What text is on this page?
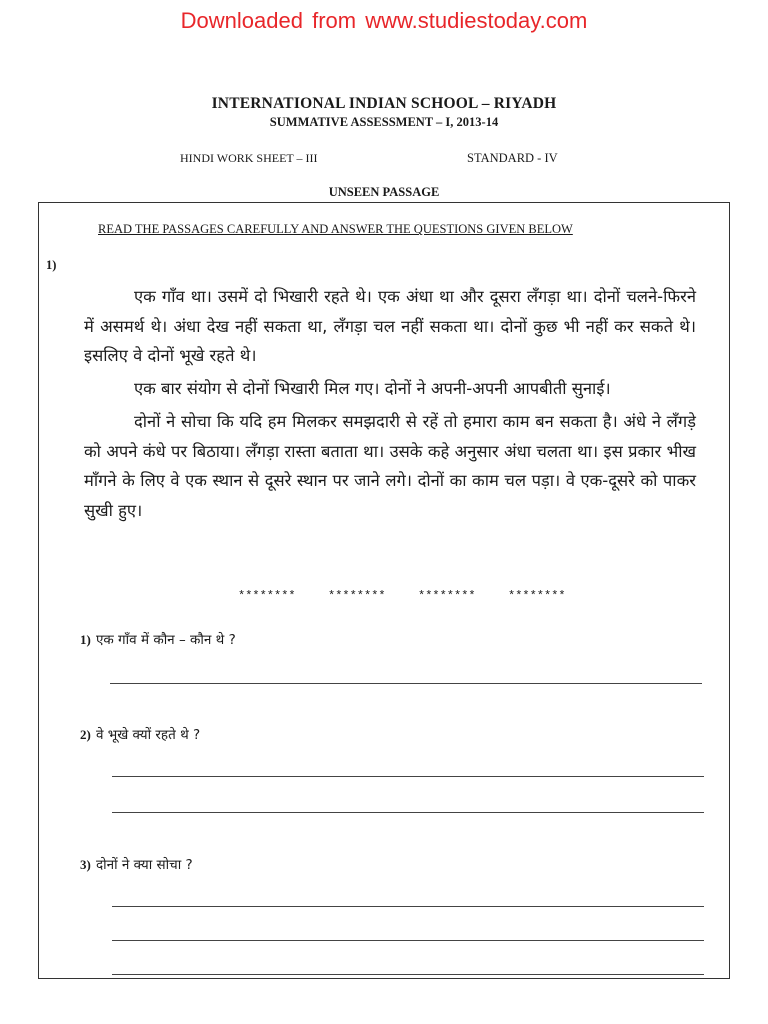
Downloaded from www.studiestoday.com
INTERNATIONAL INDIAN SCHOOL – RIYADH
SUMMATIVE ASSESSMENT – I, 2013-14
HINDI WORK SHEET – III	STANDARD - IV
UNSEEN PASSAGE
READ THE PASSAGES CAREFULLY AND ANSWER THE QUESTIONS GIVEN BELOW
1)

एक गाँव था। उसमें दो भिखारी रहते थे। एक अंधा था और दूसरा लँगड़ा था। दोनों चलने-फिरने में असमर्थ थे। अंधा देख नहीं सकता था, लँगड़ा चल नहीं सकता था। दोनों कुछ भी नहीं कर सकते थे। इसलिए वे दोनों भूखे रहते थे।

एक बार संयोग से दोनों भिखारी मिल गए। दोनों ने अपनी-अपनी आपबीती सुनाई।

दोनों ने सोचा कि यदि हम मिलकर समझदारी से रहें तो हमारा काम बन सकता है। अंधे ने लँगड़े को अपने कंधे पर बिठाया। लँगड़ा रास्ता बताता था। उसके कहे अनुसार अंधा चलता था। इस प्रकार भीख माँगने के लिए वे एक स्थान से दूसरे स्थान पर जाने लगे। दोनों का काम चल पड़ा। वे एक-दूसरे को पाकर सुखी हुए।

********	********	********	********
1) एक गाँव में कौन – कौन थे ?
2) वे भूखे क्यों रहते थे ?
3) दोनों ने क्या सोचा ?
